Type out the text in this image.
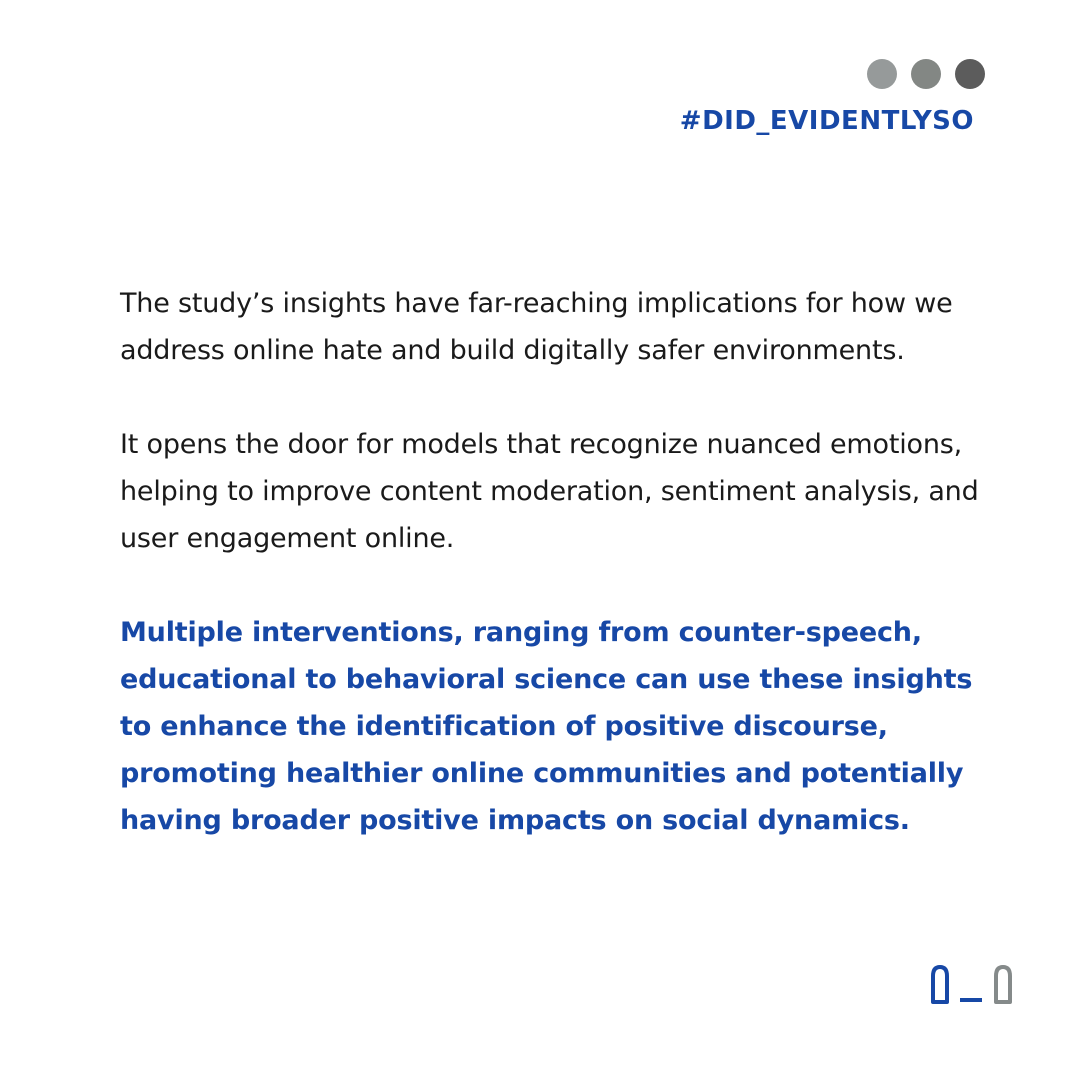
#DID_EVIDENTLYSO

The study’s insights have far-reaching implications for how we address online hate and build digitally safer environments.

It opens the door for models that recognize nuanced emotions, helping to improve content moderation, sentiment analysis, and user engagement online.

Multiple interventions, ranging from counter-speech, educational to behavioral science can use these insights to enhance the identification of positive discourse, promoting healthier online communities and potentially having broader positive impacts on social dynamics.
